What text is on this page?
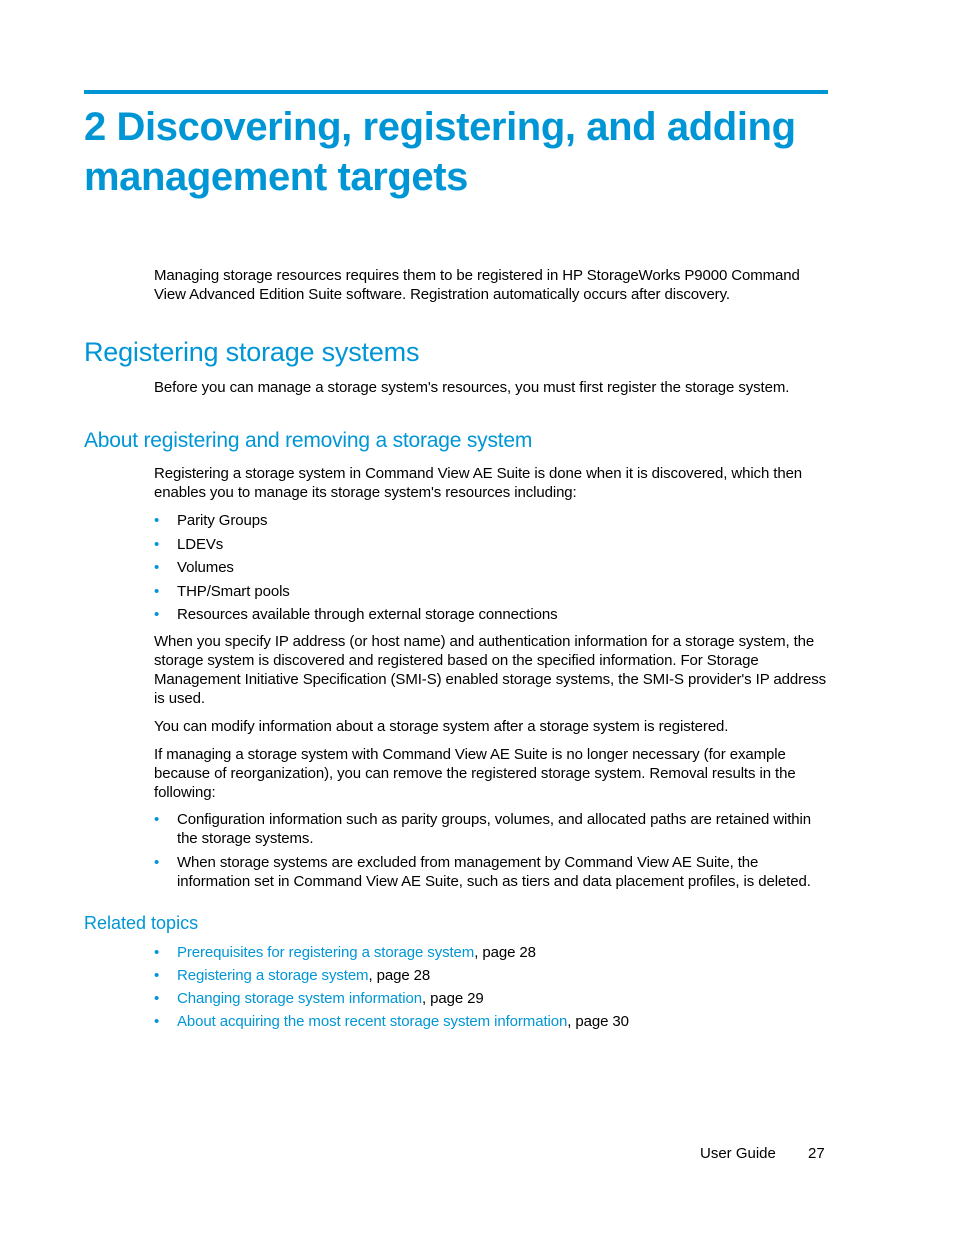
2 Discovering, registering, and adding management targets

Managing storage resources requires them to be registered in HP StorageWorks P9000 Command View Advanced Edition Suite software. Registration automatically occurs after discovery.

Registering storage systems

Before you can manage a storage system's resources, you must first register the storage system.

About registering and removing a storage system

Registering a storage system in Command View AE Suite is done when it is discovered, which then enables you to manage its storage system's resources including:

• Parity Groups
• LDEVs
• Volumes
• THP/Smart pools
• Resources available through external storage connections

When you specify IP address (or host name) and authentication information for a storage system, the storage system is discovered and registered based on the specified information. For Storage Management Initiative Specification (SMI-S) enabled storage systems, the SMI-S provider's IP address is used.

You can modify information about a storage system after a storage system is registered.

If managing a storage system with Command View AE Suite is no longer necessary (for example because of reorganization), you can remove the registered storage system. Removal results in the following:

• Configuration information such as parity groups, volumes, and allocated paths are retained within the storage systems.
• When storage systems are excluded from management by Command View AE Suite, the information set in Command View AE Suite, such as tiers and data placement profiles, is deleted.
Related topics
• Prerequisites for registering a storage system, page 28
• Registering a storage system, page 28
• Changing storage system information, page 29
• About acquiring the most recent storage system information, page 30
User Guide 27
